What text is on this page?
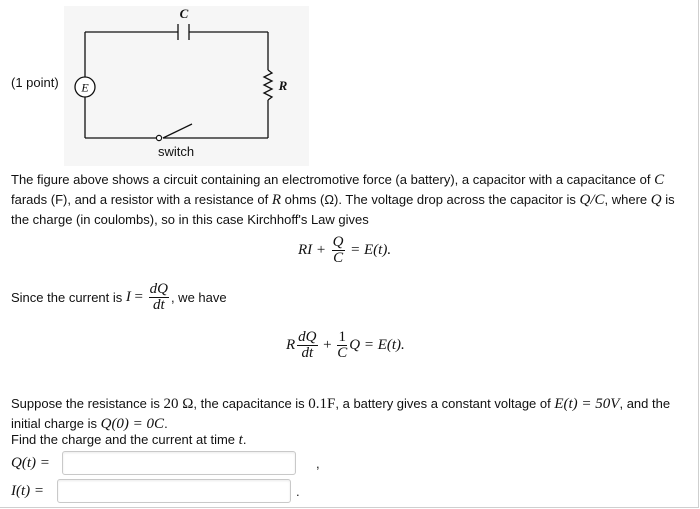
(1 point) E
C
R
switch
The figure above shows a circuit containing an electromotive force (a battery), a capacitor with a capacitance of C farads (F), and a resistor with a resistance of R ohms (Ω). The voltage drop across the capacitor is Q/C, where Q is the charge (in coulombs), so in this case Kirchhoff's Law gives
RI + $\frac{Q}{C} = E(t)$.
Since the current is $I = \frac{dQ}{dt}$ , we have
R $\frac{dQ}{dt} + \frac{1}{C}$ Q = E(t).
Suppose the resistance is 20 Ω, the capacitance is 0.1F, a battery gives a constant voltage of E(t) = 50V, and the initial charge is Q(0) = 0C.
Find the charge and the current at time t.
Q(t) =	,
I(t) =	.
